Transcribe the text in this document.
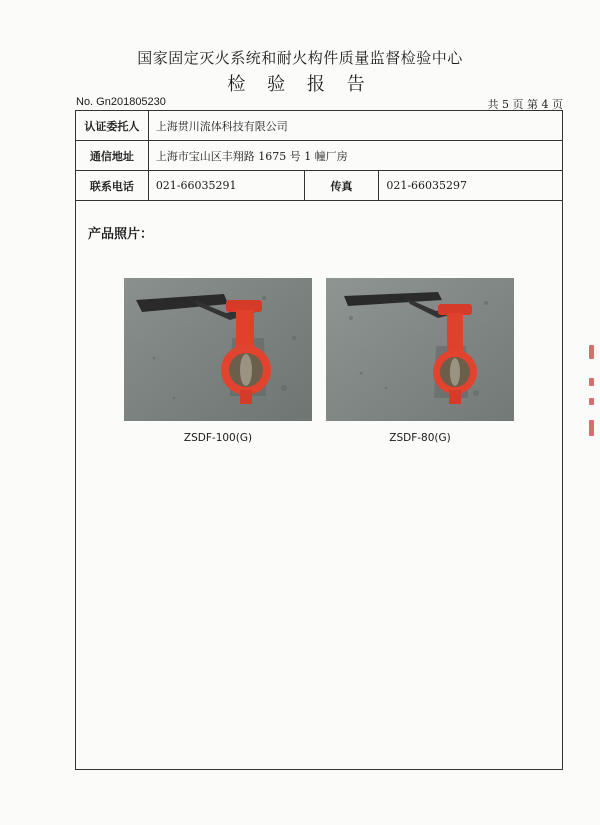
国家固定灭火系统和耐火构件质量监督检验中心
检 验 报 告
No. Gn201805230	共 5 页 第 4 页
认证委托人	上海贯川流体科技有限公司		
通信地址	上海市宝山区丰翔路 1675 号 1 幢厂房		
联系电话	021-66035291	传真	021-66035297
产品照片：
ZSDF-100(G)	ZSDF-80(G)
